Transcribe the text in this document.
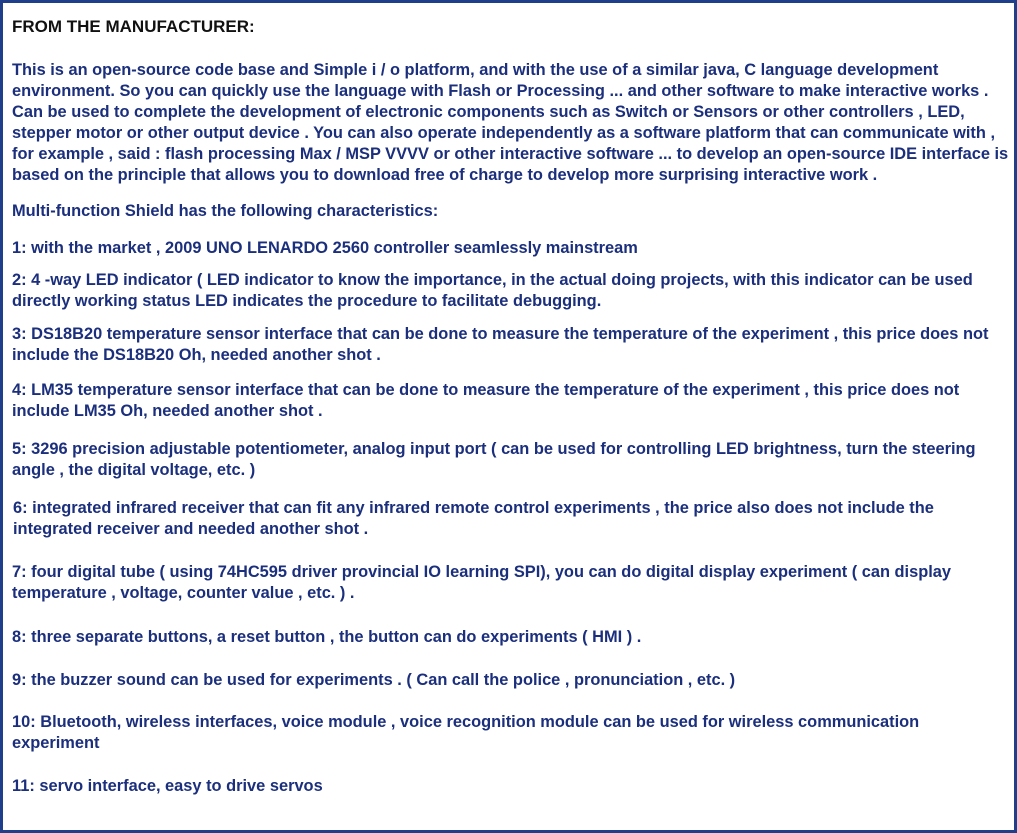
FROM THE MANUFACTURER:

This is an open-source code base and Simple i / o platform, and with the use of a similar java, C language development environment. So you can quickly use the language with Flash or Processing ... and other software to make interactive works . Can be used to complete the development of electronic components such as Switch or Sensors or other controllers , LED, stepper motor or other output device . You can also operate independently as a software platform that can communicate with , for example , said : flash processing Max / MSP VVVV or other interactive software ... to develop an open-source IDE interface is based on the principle that allows you to download free of charge to develop more surprising interactive work .

Multi-function Shield has the following characteristics:

1: with the market , 2009 UNO LENARDO 2560 controller seamlessly mainstream

2: 4 -way LED indicator ( LED indicator to know the importance, in the actual doing projects, with this indicator can be used directly working status LED indicates the procedure to facilitate debugging.

3: DS18B20 temperature sensor interface that can be done to measure the temperature of the experiment , this price does not include the DS18B20 Oh, needed another shot .

4: LM35 temperature sensor interface that can be done to measure the temperature of the experiment , this price does not include LM35 Oh, needed another shot .

5: 3296 precision adjustable potentiometer, analog input port ( can be used for controlling LED brightness, turn the steering angle , the digital voltage, etc. )

6: integrated infrared receiver that can fit any infrared remote control experiments , the price also does not include the integrated receiver and needed another shot .

7: four digital tube ( using 74HC595 driver provincial IO learning SPI), you can do digital display experiment ( can display temperature , voltage, counter value , etc. ) .

8: three separate buttons, a reset button , the button can do experiments ( HMI ) .

9: the buzzer sound can be used for experiments . ( Can call the police , pronunciation , etc. )

10: Bluetooth, wireless interfaces, voice module , voice recognition module can be used for wireless communication experiment

11: servo interface, easy to drive servos
